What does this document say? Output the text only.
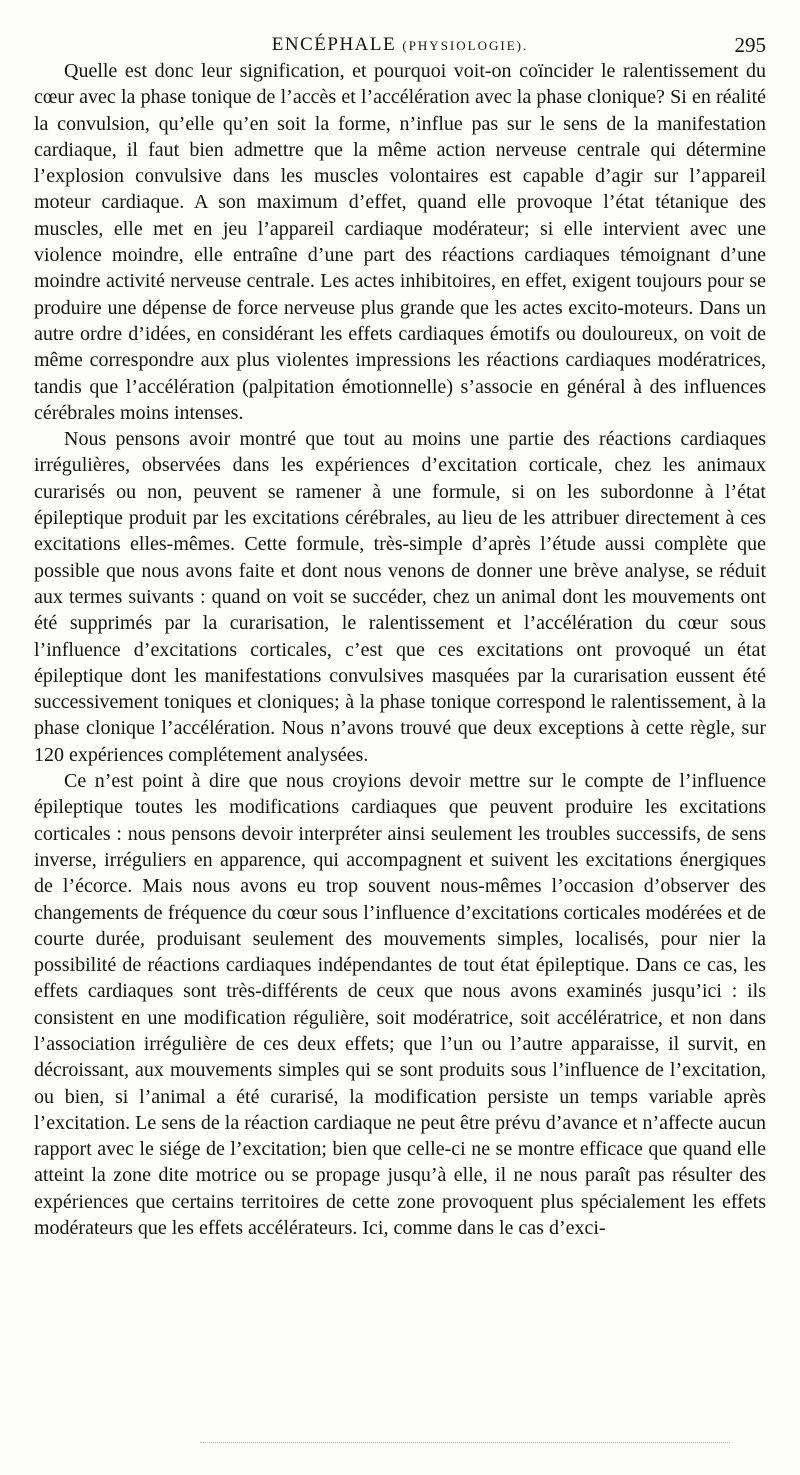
ENCÉPHALE (PHYSIOLOGIE).	295

Quelle est donc leur signification, et pourquoi voit-on coïncider le ralentissement du cœur avec la phase tonique de l’accès et l’accélération avec la phase clonique? Si en réalité la convulsion, qu’elle qu’en soit la forme, n’influe pas sur le sens de la manifestation cardiaque, il faut bien admettre que la même action nerveuse centrale qui détermine l’explosion convulsive dans les muscles volontaires est capable d’agir sur l’appareil moteur cardiaque. A son maximum d’effet, quand elle provoque l’état tétanique des muscles, elle met en jeu l’appareil cardiaque modérateur; si elle intervient avec une violence moindre, elle entraîne d’une part des réactions cardiaques témoignant d’une moindre activité nerveuse centrale. Les actes inhibitoires, en effet, exigent toujours pour se produire une dépense de force nerveuse plus grande que les actes excito-moteurs. Dans un autre ordre d’idées, en considérant les effets cardiaques émotifs ou douloureux, on voit de même correspondre aux plus violentes impressions les réactions cardiaques modératrices, tandis que l’accélération (palpitation émotionnelle) s’associe en général à des influences cérébrales moins intenses.

Nous pensons avoir montré que tout au moins une partie des réactions cardiaques irrégulières, observées dans les expériences d’excitation corticale, chez les animaux curarisés ou non, peuvent se ramener à une formule, si on les subordonne à l’état épileptique produit par les excitations cérébrales, au lieu de les attribuer directement à ces excitations elles-mêmes. Cette formule, très-simple d’après l’étude aussi complète que possible que nous avons faite et dont nous venons de donner une brève analyse, se réduit aux termes suivants : quand on voit se succéder, chez un animal dont les mouvements ont été supprimés par la curarisation, le ralentissement et l’accélération du cœur sous l’influence d’excitations corticales, c’est que ces excitations ont provoqué un état épileptique dont les manifestations convulsives masquées par la curarisation eussent été successivement toniques et cloniques; à la phase tonique correspond le ralentissement, à la phase clonique l’accélération. Nous n’avons trouvé que deux exceptions à cette règle, sur 120 expériences complétement analysées.

Ce n’est point à dire que nous croyions devoir mettre sur le compte de l’influence épileptique toutes les modifications cardiaques que peuvent produire les excitations corticales : nous pensons devoir interpréter ainsi seulement les troubles successifs, de sens inverse, irréguliers en apparence, qui accompagnent et suivent les excitations énergiques de l’écorce. Mais nous avons eu trop souvent nous-mêmes l’occasion d’observer des changements de fréquence du cœur sous l’influence d’excitations corticales modérées et de courte durée, produisant seulement des mouvements simples, localisés, pour nier la possibilité de réactions cardiaques indépendantes de tout état épileptique. Dans ce cas, les effets cardiaques sont très-différents de ceux que nous avons examinés jusqu’ici : ils consistent en une modification régulière, soit modératrice, soit accélératrice, et non dans l’association irrégulière de ces deux effets; que l’un ou l’autre apparaisse, il survit, en décroissant, aux mouvements simples qui se sont produits sous l’influence de l’excitation, ou bien, si l’animal a été curarisé, la modification persiste un temps variable après l’excitation. Le sens de la réaction cardiaque ne peut être prévu d’avance et n’affecte aucun rapport avec le siége de l’excitation; bien que celle-ci ne se montre efficace que quand elle atteint la zone dite motrice ou se propage jusqu’à elle, il ne nous paraît pas résulter des expériences que certains territoires de cette zone provoquent plus spécialement les effets modérateurs que les effets accélérateurs. Ici, comme dans le cas d’exci-
